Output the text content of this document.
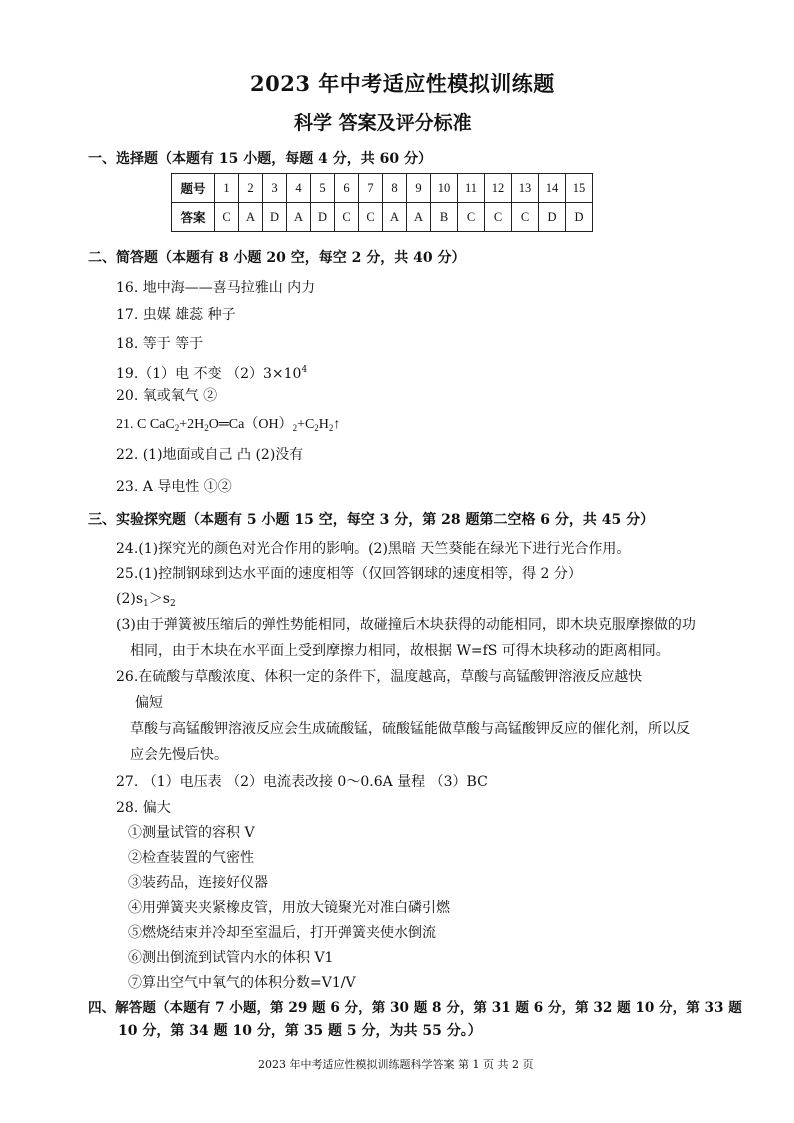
2023 年中考适应性模拟训练题
科学 答案及评分标准
一、选择题（本题有 15 小题，每题 4 分，共 60 分）
题号	1	2	3	4	5	6	7	8	9	10	11	12	13	14	15
答案	C	A	D	A	D	C	C	A	A	B	C	C	C	D	D
二、简答题（本题有 8 小题 20 空，每空 2 分，共 40 分）
16. 地中海——喜马拉雅山 内力
17. 虫媒 雄蕊 种子
18. 等于 等于
19.（1）电 不变 $(2)3\times 10^4$
20. 氧或氧气 ②
21. C $CaC_2+2H_2O═Ca(OH)_2+C_2H_2↑$
22. (1)地面或自己 凸 (2)没有
23. A 导电性 ①②
三、实验探究题（本题有 5 小题 15 空，每空 3 分，第 28 题第二空格 6 分，共 45 分）
24.(1)探究光的颜色对光合作用的影响。(2)黑暗 天竺葵能在绿光下进行光合作用。
25.(1)控制钢球到达水平面的速度相等（仅回答钢球的速度相等，得 2 分）
$(2)s_1>s_2$
(3)由于弹簧被压缩后的弹性势能相同，故碰撞后木块获得的动能相同，即木块克服摩擦做的功
相同，由于木块在水平面上受到摩擦力相同，故根据 W=fS 可得木块移动的距离相同。
26.在硫酸与草酸浓度、体积一定的条件下，温度越高，草酸与高锰酸钾溶液反应越快
偏短
草酸与高锰酸钾溶液反应会生成硫酸锰，硫酸锰能做草酸与高锰酸钾反应的催化剂，所以反
应会先慢后快。
27. （1）电压表 （2）电流表改接 0～0.6A 量程 （3）BC
28. 偏大
①测量试管的容积 V
②检查装置的气密性
③装药品，连接好仪器
④用弹簧夹夹紧橡皮管，用放大镜聚光对准白磷引燃
⑤燃烧结束并冷却至室温后，打开弹簧夹使水倒流
⑥测出倒流到试管内水的体积 V1
⑦算出空气中氧气的体积分数=V1/V
四、解答题（本题有 7 小题，第 29 题 6 分，第 30 题 8 分，第 31 题 6 分，第 32 题 10 分，第 33 题
10 分，第 34 题 10 分，第 35 题 5 分，为共 55 分。）
2023 年中考适应性模拟训练题科学答案 第 1 页 共 2 页
